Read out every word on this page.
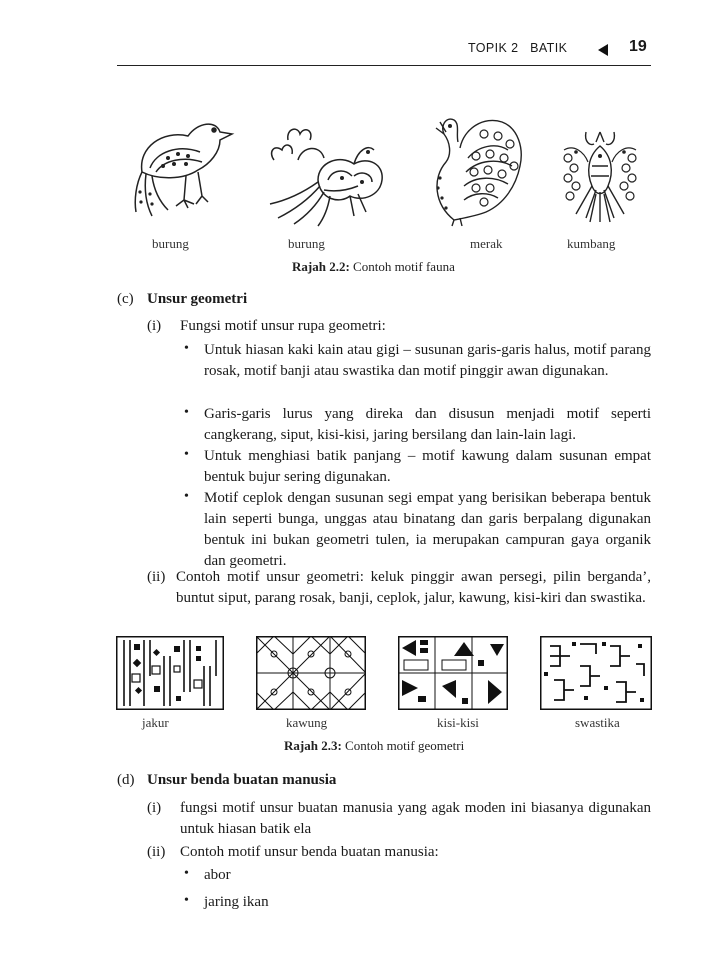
TOPIK 2   BATIK	19
burung	burung	merak	kumbang
Rajah 2.2: Contoh motif fauna
(c) Unsur geometri
(i) Fungsi motif unsur rupa geometri:
• Untuk hiasan kaki kain atau gigi – susunan garis-garis halus, motif parang rosak, motif banji atau swastika dan motif pinggir awan digunakan.
• Garis-garis lurus yang direka dan disusun menjadi motif seperti cangkerang, siput, kisi-kisi, jaring bersilang dan lain-lain lagi.
• Untuk menghiasi batik panjang – motif kawung dalam susunan empat bentuk bujur sering digunakan.
• Motif ceplok dengan susunan segi empat yang berisikan beberapa bentuk lain seperti bunga, unggas atau binatang dan garis berpalang digunakan bentuk ini bukan geometri tulen, ia merupakan campuran gaya organik dan geometri.
(ii) Contoh motif unsur geometri: keluk pinggir awan persegi, pilin berganda’, buntut siput, parang rosak, banji, ceplok, jalur, kawung, kisi-kiri dan swastika.
jakur	kawung	kisi-kisi	swastika
Rajah 2.3: Contoh motif geometri
(d) Unsur benda buatan manusia
(i) fungsi motif unsur buatan manusia yang agak moden ini biasanya digunakan untuk hiasan batik ela
(ii) Contoh motif unsur benda buatan manusia:
• abor
• jaring ikan
